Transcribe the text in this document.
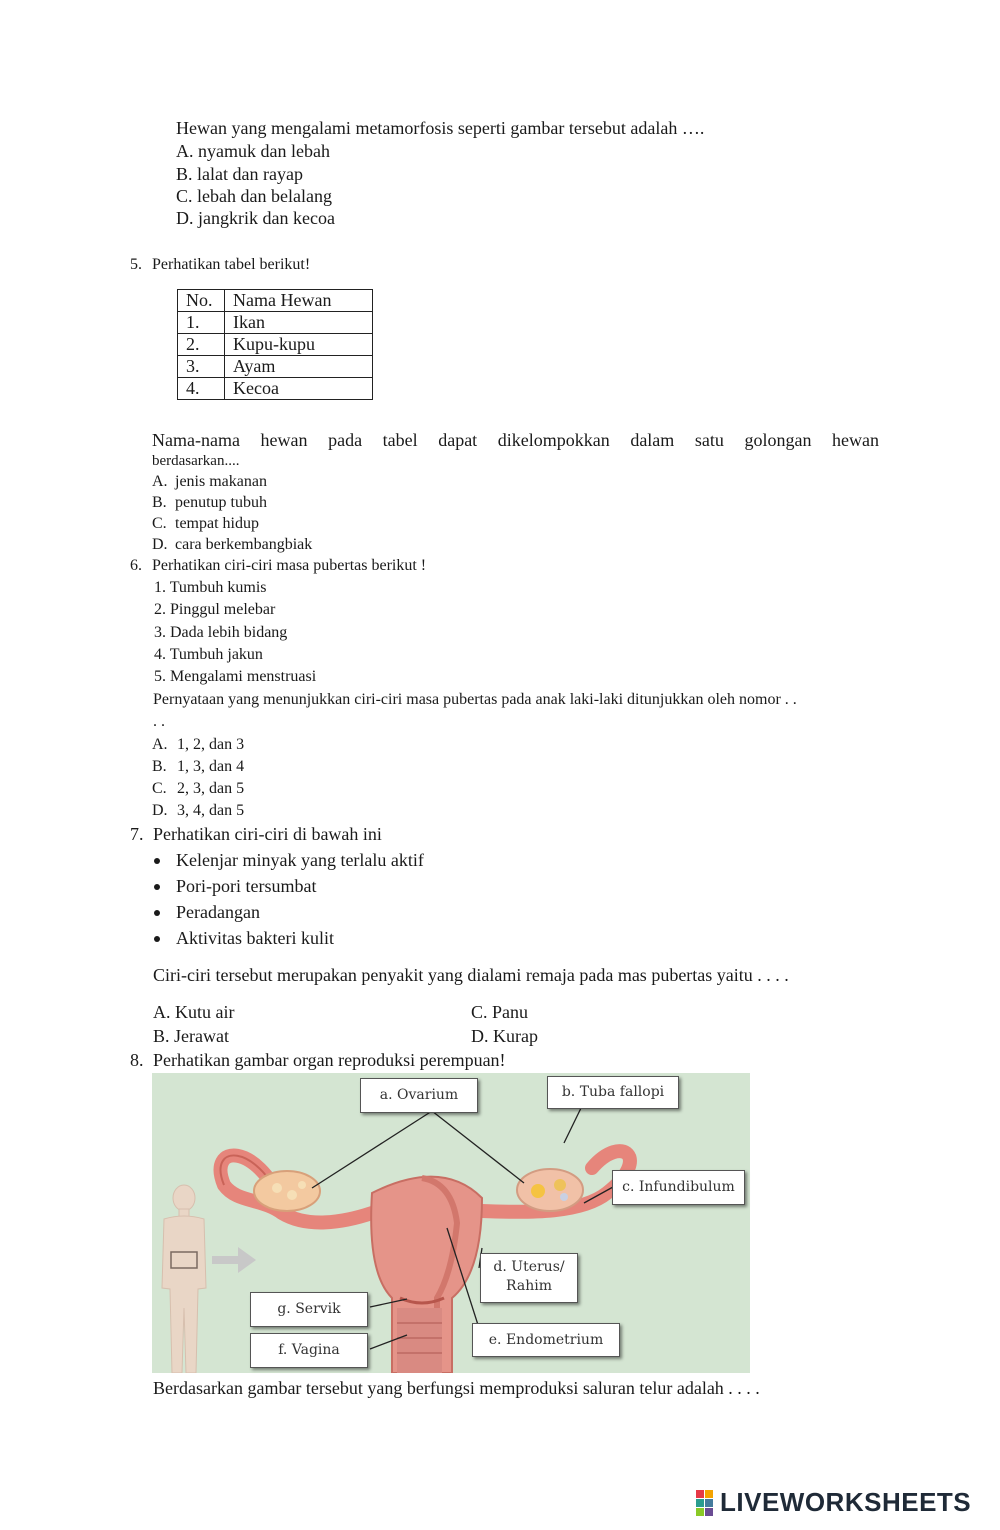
Hewan yang mengalami metamorfosis seperti gambar tersebut adalah ….
A. nyamuk dan lebah
B. lalat dan rayap
C. lebah dan belalang
D. jangkrik dan kecoa
5. Perhatikan tabel berikut!
No.	Nama Hewan
1.	Ikan
2.	Kupu-kupu
3.	Ayam
4.	Kecoa
Nama-nama hewan pada tabel dapat dikelompokkan dalam satu golongan hewan
berdasarkan....
A. jenis makanan
B. penutup tubuh
C. tempat hidup
D. cara berkembangbiak
6. Perhatikan ciri-ciri masa pubertas berikut !
1. Tumbuh kumis
2. Pinggul melebar
3. Dada lebih bidang
4. Tumbuh jakun
5. Mengalami menstruasi
Pernyataan yang menunjukkan ciri-ciri masa pubertas pada anak laki-laki ditunjukkan oleh nomor . .
. .
A. 1, 2, dan 3
B. 1, 3, dan 4
C. 2, 3, dan 5
D. 3, 4, dan 5
7. Perhatikan ciri-ciri di bawah ini
Kelenjar minyak yang terlalu aktif
Pori-pori tersumbat
Peradangan
Aktivitas bakteri kulit
Ciri-ciri tersebut merupakan penyakit yang dialami remaja pada mas pubertas yaitu . . . .
A. Kutu air	C. Panu
B. Jerawat	D. Kurap
8. Perhatikan gambar organ reproduksi perempuan!
a. Ovarium	b. Tuba fallopi
c. Infundibulum
d. Uterus/ Rahim
e. Endometrium
f. Vagina
g. Servik
Berdasarkan gambar tersebut yang berfungsi memproduksi saluran telur adalah . . . .
LIVEWORKSHEETS
